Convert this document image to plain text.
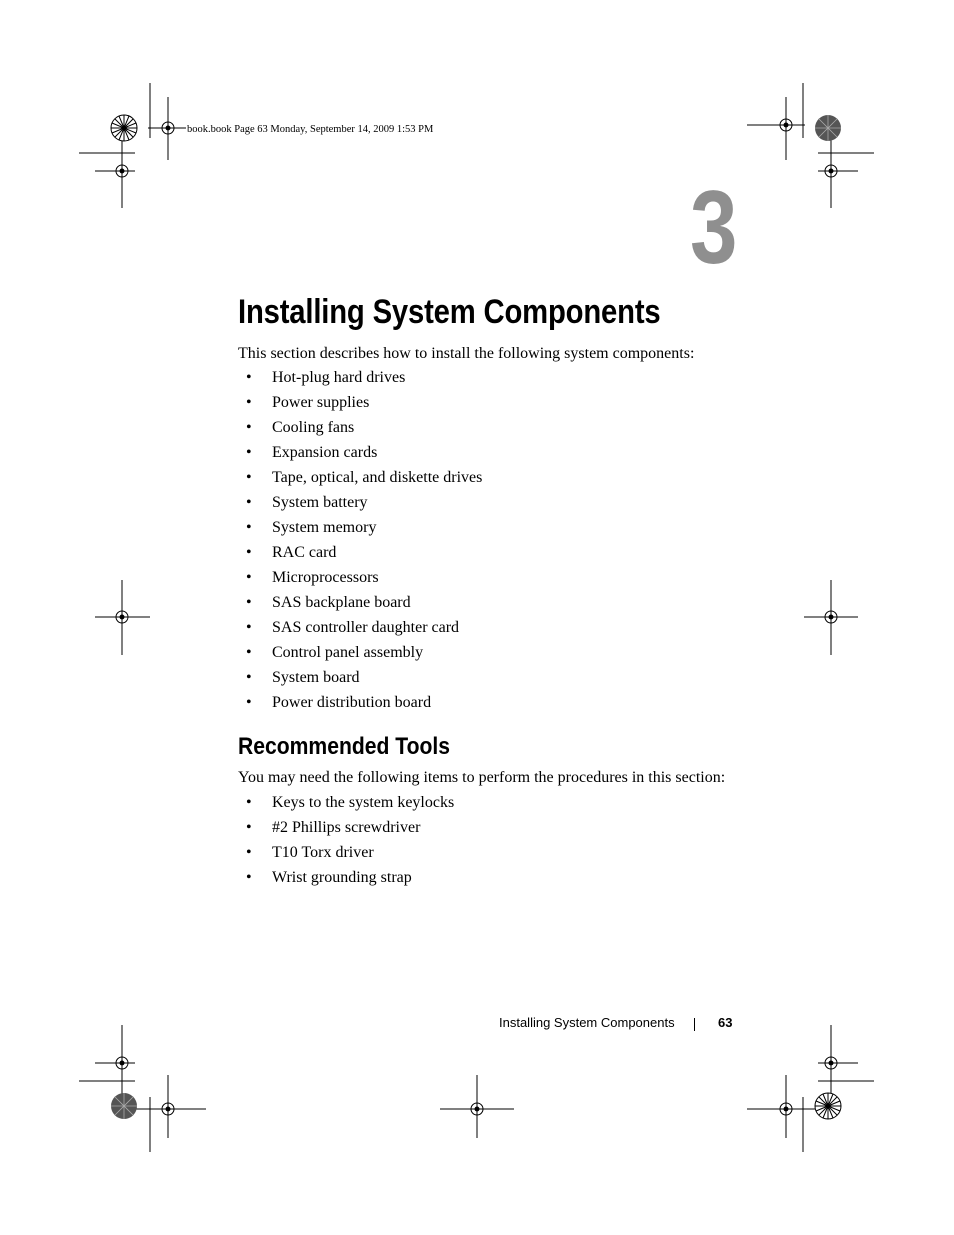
book.book Page 63 Monday, September 14, 2009 1:53 PM
3
Installing System Components

This section describes how to install the following system components:

• Hot-plug hard drives
• Power supplies
• Cooling fans
• Expansion cards
• Tape, optical, and diskette drives
• System battery
• System memory
• RAC card
• Microprocessors
• SAS backplane board
• SAS controller daughter card
• Control panel assembly
• System board
• Power distribution board
Recommended Tools

You may need the following items to perform the procedures in this section:

• Keys to the system keylocks
• #2 Phillips screwdriver
• T10 Torx driver
• Wrist grounding strap
Installing System Components	63
